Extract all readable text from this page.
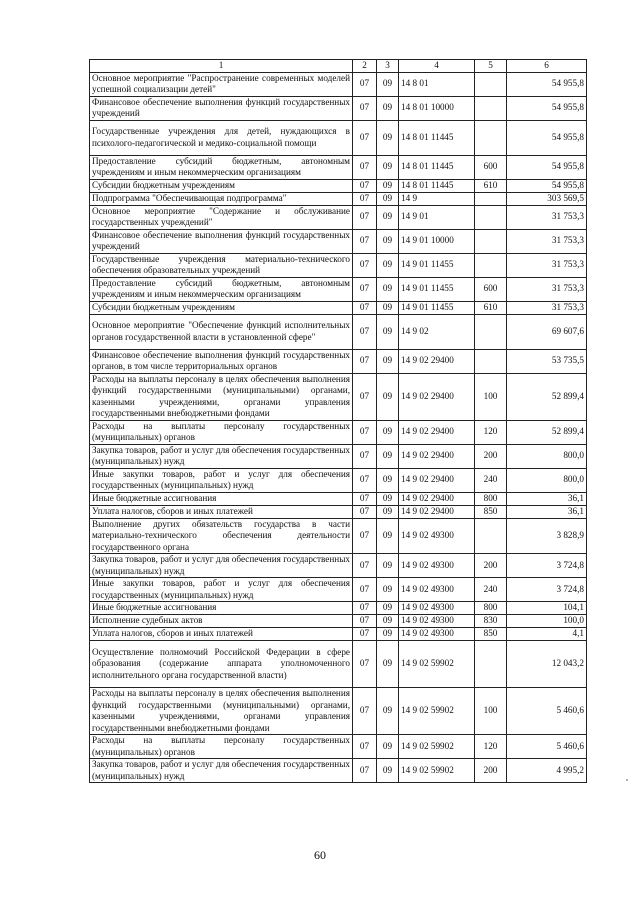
1	2	3	4	5	6
Основное мероприятие "Распространение современных моделей успешной социализации детей"	07	09	14 8 01		54 955,8
Финансовое обеспечение выполнения функций государственных учреждений	07	09	14 8 01 10000		54 955,8
Государственные учреждения для детей, нуждающихся в психолого-педагогической и медико-социальной помощи	07	09	14 8 01 11445		54 955,8
Предоставление субсидий бюджетным, автономным учреждениям и иным некоммерческим организациям	07	09	14 8 01 11445	600	54 955,8
Субсидии бюджетным учреждениям	07	09	14 8 01 11445	610	54 955,8
Подпрограмма "Обеспечивающая подпрограмма"	07	09	14 9		303 569,5
Основное мероприятие "Содержание и обслуживание государственных учреждений"	07	09	14 9 01		31 753,3
Финансовое обеспечение выполнения функций государственных учреждений	07	09	14 9 01 10000		31 753,3
Государственные учреждения материально-технического обеспечения образовательных учреждений	07	09	14 9 01 11455		31 753,3
Предоставление субсидий бюджетным, автономным учреждениям и иным некоммерческим организациям	07	09	14 9 01 11455	600	31 753,3
Субсидии бюджетным учреждениям	07	09	14 9 01 11455	610	31 753,3
Основное мероприятие "Обеспечение функций исполнительных органов государственной власти в установленной сфере"	07	09	14 9 02		69 607,6
Финансовое обеспечение выполнения функций государственных органов, в том числе территориальных органов	07	09	14 9 02 29400		53 735,5
Расходы на выплаты персоналу в целях обеспечения выполнения функций государственными (муниципальными) органами, казенными учреждениями, органами управления государственными внебюджетными фондами	07	09	14 9 02 29400	100	52 899,4
Расходы на выплаты персоналу государственных (муниципальных) органов	07	09	14 9 02 29400	120	52 899,4
Закупка товаров, работ и услуг для обеспечения государственных (муниципальных) нужд	07	09	14 9 02 29400	200	800,0
Иные закупки товаров, работ и услуг для обеспечения государственных (муниципальных) нужд	07	09	14 9 02 29400	240	800,0
Иные бюджетные ассигнования	07	09	14 9 02 29400	800	36,1
Уплата налогов, сборов и иных платежей	07	09	14 9 02 29400	850	36,1
Выполнение других обязательств государства в части материально-технического обеспечения деятельности государственного органа	07	09	14 9 02 49300		3 828,9
Закупка товаров, работ и услуг для обеспечения государственных (муниципальных) нужд	07	09	14 9 02 49300	200	3 724,8
Иные закупки товаров, работ и услуг для обеспечения государственных (муниципальных) нужд	07	09	14 9 02 49300	240	3 724,8
Иные бюджетные ассигнования	07	09	14 9 02 49300	800	104,1
Исполнение судебных актов	07	09	14 9 02 49300	830	100,0
Уплата налогов, сборов и иных платежей	07	09	14 9 02 49300	850	4,1
Осуществление полномочий Российской Федерации в сфере образования (содержание аппарата уполномоченного исполнительного органа государственной власти)	07	09	14 9 02 59902		12 043,2
Расходы на выплаты персоналу в целях обеспечения выполнения функций государственными (муниципальными) органами, казенными учреждениями, органами управления государственными внебюджетными фондами	07	09	14 9 02 59902	100	5 460,6
Расходы на выплаты персоналу государственных (муниципальных) органов	07	09	14 9 02 59902	120	5 460,6
Закупка товаров, работ и услуг для обеспечения государственных (муниципальных) нужд	07	09	14 9 02 59902	200	4 995,2
60
